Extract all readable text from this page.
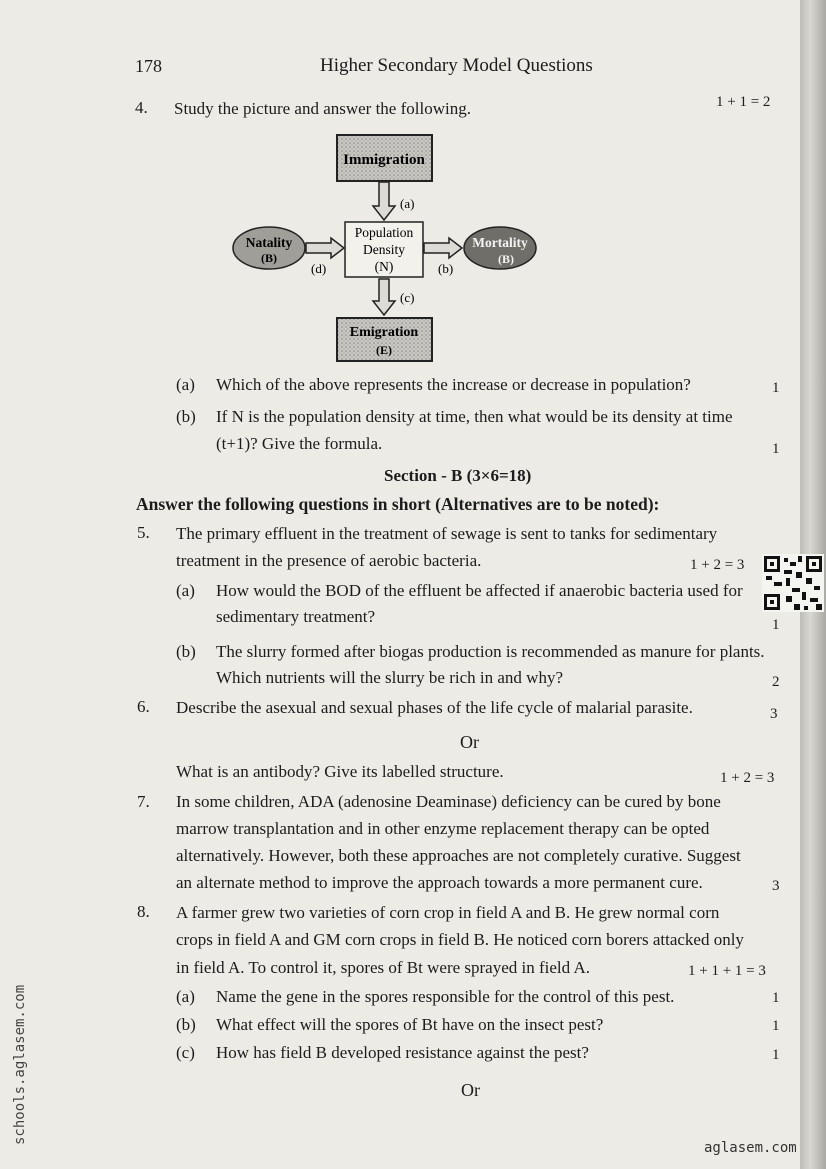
178	Higher Secondary Model Questions
4. Study the picture and answer the following.	1 + 1 = 2
Immigration
(a)
Population
Density
(N)
Natality
(B)
(d)	(b)
Mortality
(B)
(c)
Emigration
(E)
(a) Which of the above represents the increase or decrease in population?	1
(b) If N is the population density at time, then what would be its density at time
(t+1)? Give the formula.	1
Section - B (3×6=18)
Answer the following questions in short (Alternatives are to be noted):
5. The primary effluent in the treatment of sewage is sent to tanks for sedimentary
treatment in the presence of aerobic bacteria.	1 + 2 = 3
(a) How would the BOD of the effluent be affected if anaerobic bacteria used for
sedimentary treatment?	1
(b) The slurry formed after biogas production is recommended as manure for plants.
Which nutrients will the slurry be rich in and why?	2
6. Describe the asexual and sexual phases of the life cycle of malarial parasite.	3
Or
What is an antibody? Give its labelled structure.	1 + 2 = 3
7. In some children, ADA (adenosine Deaminase) deficiency can be cured by bone
marrow transplantation and in other enzyme replacement therapy can be opted
alternatively. However, both these approaches are not completely curative. Suggest
an alternate method to improve the approach towards a more permanent cure.	3
8. A farmer grew two varieties of corn crop in field A and B. He grew normal corn
crops in field A and GM corn crops in field B. He noticed corn borers attacked only
in field A. To control it, spores of Bt were sprayed in field A.	1 + 1 + 1 = 3
(a) Name the gene in the spores responsible for the control of this pest.	1
(b) What effect will the spores of Bt have on the insect pest?	1
(c) How has field B developed resistance against the pest?	1
Or
schools.aglasem.com
aglasem.com
